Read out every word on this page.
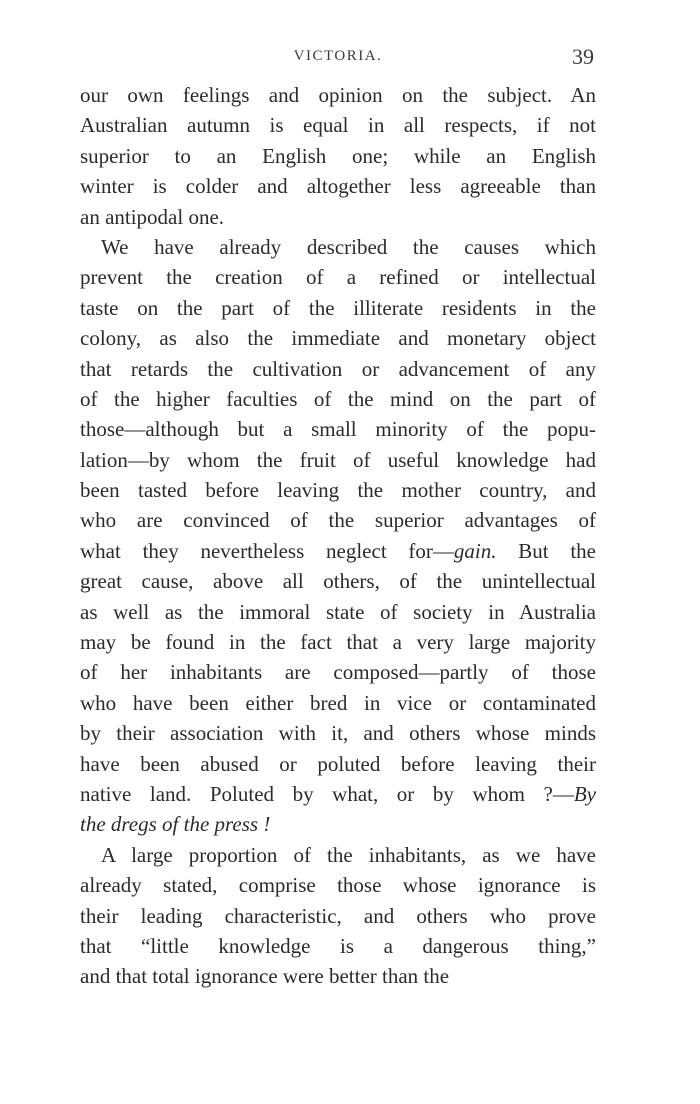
VICTORIA.	39
our own feelings and opinion on the subject. An
Australian autumn is equal in all respects, if not
superior to an English one; while an English
winter is colder and altogether less agreeable than
an antipodal one.
We have already described the causes which
prevent the creation of a refined or intellectual
taste on the part of the illiterate residents in the
colony, as also the immediate and monetary object
that retards the cultivation or advancement of any
of the higher faculties of the mind on the part of
those—although but a small minority of the popu-
lation—by whom the fruit of useful knowledge had
been tasted before leaving the mother country, and
who are convinced of the superior advantages of
what they nevertheless neglect for—gain. But the
great cause, above all others, of the unintellectual
as well as the immoral state of society in Australia
may be found in the fact that a very large majority
of her inhabitants are composed—partly of those
who have been either bred in vice or contaminated
by their association with it, and others whose minds
have been abused or poluted before leaving their
native land. Poluted by what, or by whom ?—By
the dregs of the press !
A large proportion of the inhabitants, as we have
already stated, comprise those whose ignorance is
their leading characteristic, and others who prove
that “little knowledge is a dangerous thing,”
and that total ignorance were better than the
